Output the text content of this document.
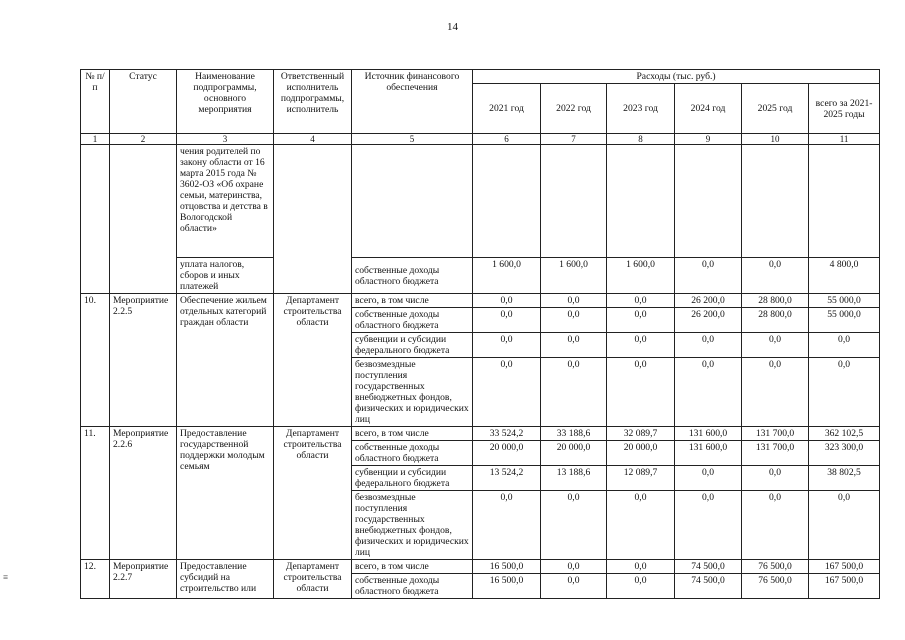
14
≡
№ п/п	Статус	Наименование подпрограммы, основного мероприятия	Ответственный исполнитель подпрограммы, исполнитель	Источник финансового обеспечения	Расходы (тыс. руб.)					
					2021 год	2022 год	2023 год	2024 год	2025 год	всего за 2021-2025 годы
1	2	3	4	5	6	7	8	9	10	11
		чения родителей по закону области от 16 марта 2015 года № 3602-ОЗ «Об охране семьи, материнства, отцовства и детства в Вологодской области»								
		уплата налогов, сборов и иных платежей		собственные доходы областного бюджета	1 600,0	1 600,0	1 600,0	0,0	0,0	4 800,0
10.	Мероприятие 2.2.5	Обеспечение жильем отдельных категорий граждан области	Департамент строительства области	всего, в том числе	0,0	0,0	0,0	26 200,0	28 800,0	55 000,0
				собственные доходы областного бюджета	0,0	0,0	0,0	26 200,0	28 800,0	55 000,0
				субвенции и субсидии федерального бюджета	0,0	0,0	0,0	0,0	0,0	0,0
				безвозмездные поступления государственных внебюджетных фондов, физических и юридических лиц	0,0	0,0	0,0	0,0	0,0	0,0
11.	Мероприятие 2.2.6	Предоставление государственной поддержки молодым семьям	Департамент строительства области	всего, в том числе	33 524,2	33 188,6	32 089,7	131 600,0	131 700,0	362 102,5
				собственные доходы областного бюджета	20 000,0	20 000,0	20 000,0	131 600,0	131 700,0	323 300,0
				субвенции и субсидии федерального бюджета	13 524,2	13 188,6	12 089,7	0,0	0,0	38 802,5
				безвозмездные поступления государственных внебюджетных фондов, физических и юридических лиц	0,0	0,0	0,0	0,0	0,0	0,0
12.	Мероприятие 2.2.7	Предоставление субсидий на строительство или	Департамент строительства области	всего, в том числе	16 500,0	0,0	0,0	74 500,0	76 500,0	167 500,0
				собственные доходы областного бюджета	16 500,0	0,0	0,0	74 500,0	76 500,0	167 500,0
